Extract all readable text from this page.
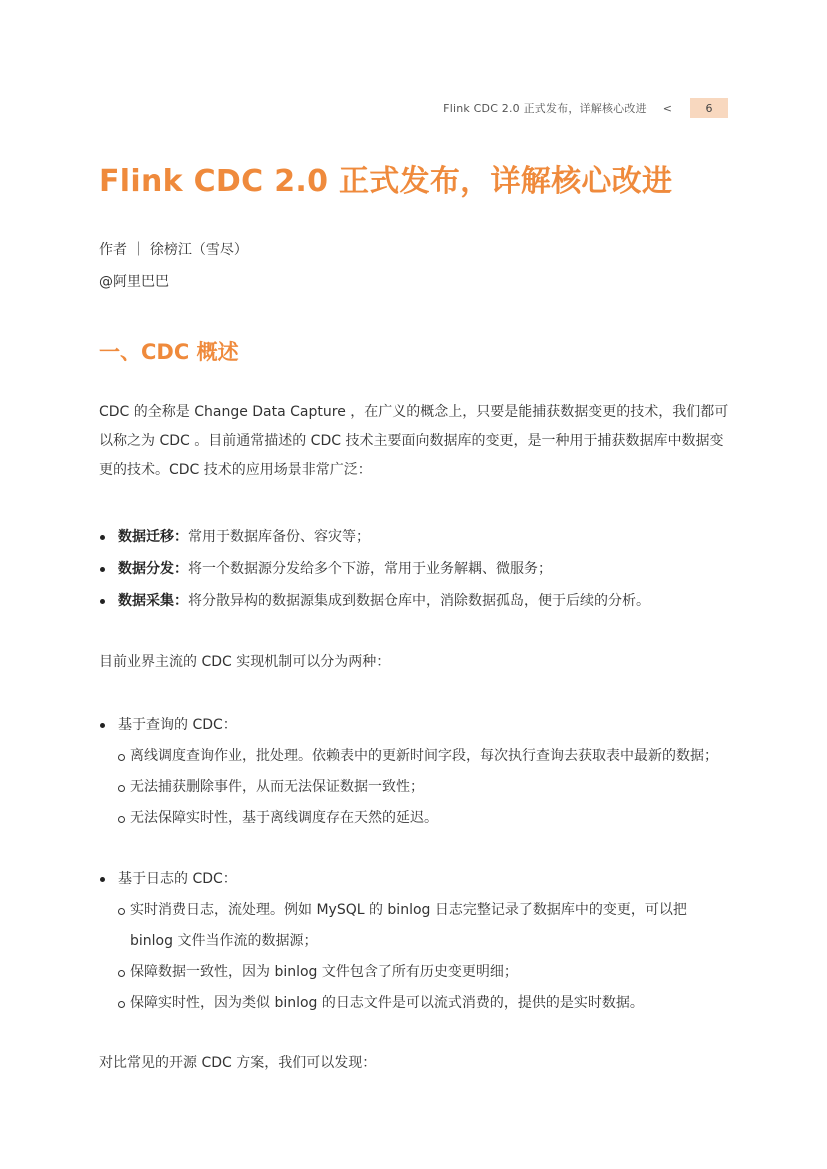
Flink CDC 2.0 正式发布，详解核心改进 <	6
Flink CDC 2.0 正式发布，详解核心改进
作者 ｜ 徐榜江（雪尽）
@阿里巴巴
一、CDC 概述
CDC 的全称是 Change Data Capture ，在广义的概念上，只要是能捕获数据变更的技术，我们都可以称之为 CDC 。目前通常描述的 CDC 技术主要面向数据库的变更，是一种用于捕获数据库中数据变更的技术。CDC 技术的应用场景非常广泛：
数据迁移：常用于数据库备份、容灾等；
数据分发：将一个数据源分发给多个下游，常用于业务解耦、微服务；
数据采集：将分散异构的数据源集成到数据仓库中，消除数据孤岛，便于后续的分析。
目前业界主流的 CDC 实现机制可以分为两种：
基于查询的 CDC：
离线调度查询作业，批处理。依赖表中的更新时间字段，每次执行查询去获取表中最新的数据；
无法捕获删除事件，从而无法保证数据一致性；
无法保障实时性，基于离线调度存在天然的延迟。
基于日志的 CDC：
实时消费日志，流处理。例如 MySQL 的 binlog 日志完整记录了数据库中的变更，可以把 binlog 文件当作流的数据源；
保障数据一致性，因为 binlog 文件包含了所有历史变更明细；
保障实时性，因为类似 binlog 的日志文件是可以流式消费的，提供的是实时数据。
对比常见的开源 CDC 方案，我们可以发现：
